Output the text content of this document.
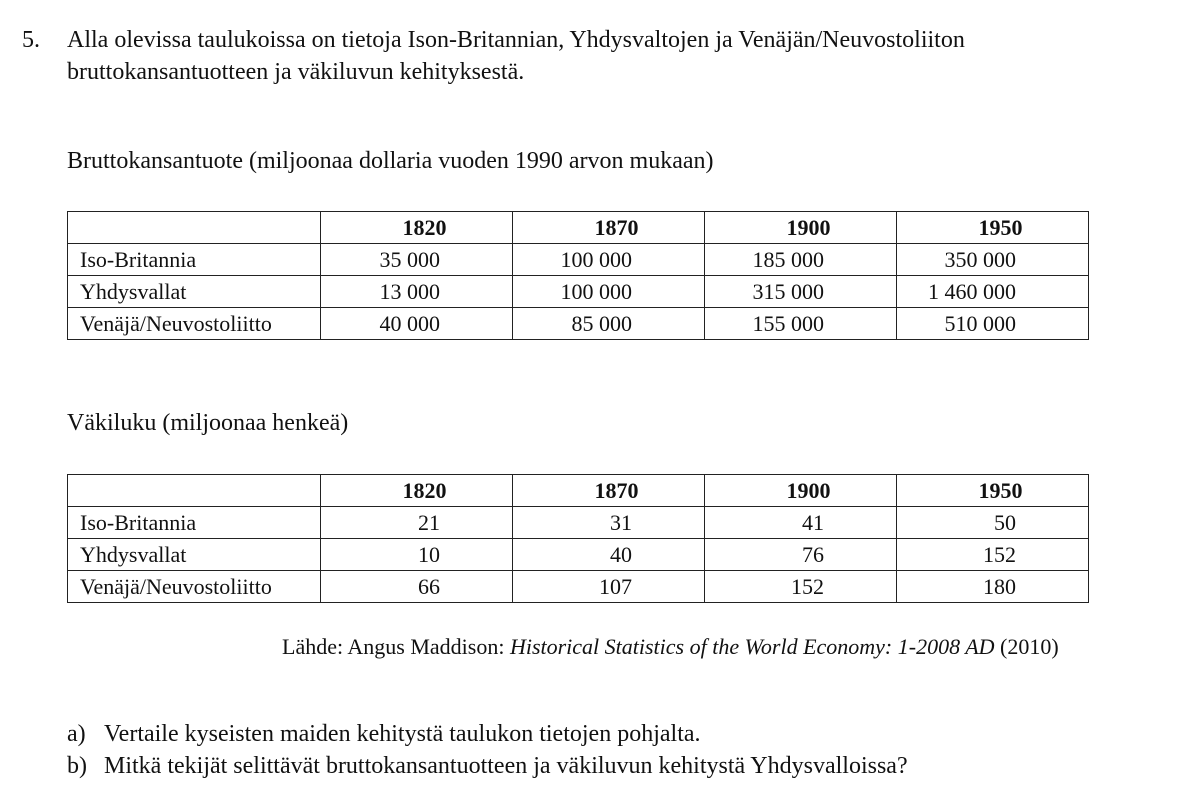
5.	Alla olevissa taulukoissa on tietoja Ison-Britannian, Yhdysvaltojen ja Venäjän/Neuvostoliiton bruttokansantuotteen ja väkiluvun kehityksestä.
Bruttokansantuote (miljoonaa dollaria vuoden 1990 arvon mukaan)
	1820	1870	1900	1950
Iso-Britannia	35 000	100 000	185 000	350 000
Yhdysvallat	13 000	100 000	315 000	1 460 000
Venäjä/Neuvostoliitto	40 000	85 000	155 000	510 000
Väkiluku (miljoonaa henkeä)
	1820	1870	1900	1950
Iso-Britannia	21	31	41	50
Yhdysvallat	10	40	76	152
Venäjä/Neuvostoliitto	66	107	152	180
Lähde: Angus Maddison: Historical Statistics of the World Economy: 1-2008 AD (2010)
a) Vertaile kyseisten maiden kehitystä taulukon tietojen pohjalta.
b) Mitkä tekijät selittävät bruttokansantuotteen ja väkiluvun kehitystä Yhdysvalloissa?
